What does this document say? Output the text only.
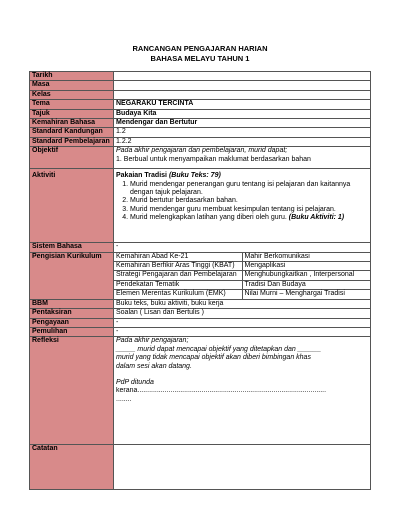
RANCANGAN PENGAJARAN HARIAN
BAHASA MELAYU TAHUN 1
Tarikh	
Masa	
Kelas	
Tema	NEGARAKU TERCINTA
Tajuk	Budaya Kita
Kemahiran Bahasa	Mendengar dan Bertutur
Standard Kandungan	1.2
Standard Pembelajaran	1.2.2
Objektif	Pada akhir pengajaran dan pembelajaran, murid dapat;
1. Berbual untuk menyampaikan maklumat berdasarkan bahan

Aktiviti	Pakaian Tradisi (Buku Teks: 79)
1. Murid mendengar penerangan guru tentang isi pelajaran dan kaitannya dengan tajuk pelajaran.
2. Murid bertutur berdasarkan bahan.
3. Murid mendengar guru membuat kesimpulan tentang isi pelajaran.
4. Murid melengkapkan latihan yang diberi oleh guru. (Buku Aktiviti: 1)

Sistem Bahasa	-
Pengisian Kurikulum	Kemahiran Abad Ke-21	Mahir Berkomunikasi
Kemahiran Berfikir Aras Tinggi (KBAT)	Mengaplikasi
Strategi Pengajaran dan Pembelajaran	Menghubungkaitkan , Interpersonal
Pendekatan Tematik	Tradisi Dan Budaya
Elemen Merentas Kurikulum (EMK)	Nilai Murni – Menghargai Tradisi

BBM	Buku teks, buku aktiviti, buku kerja
Pentaksiran	Soalan ( Lisan dan Bertulis )
Pengayaan	-
Pemulihan	-
Refleksi	Pada akhir pengajaran;
_____ murid dapat mencapai objektif yang ditetapkan dan ______
murid yang tidak mencapai objektif akan diberi bimbingan khas
dalam sesi akan datang.
PdP ditunda
kerana.................................................................................................
........

Catatan	
